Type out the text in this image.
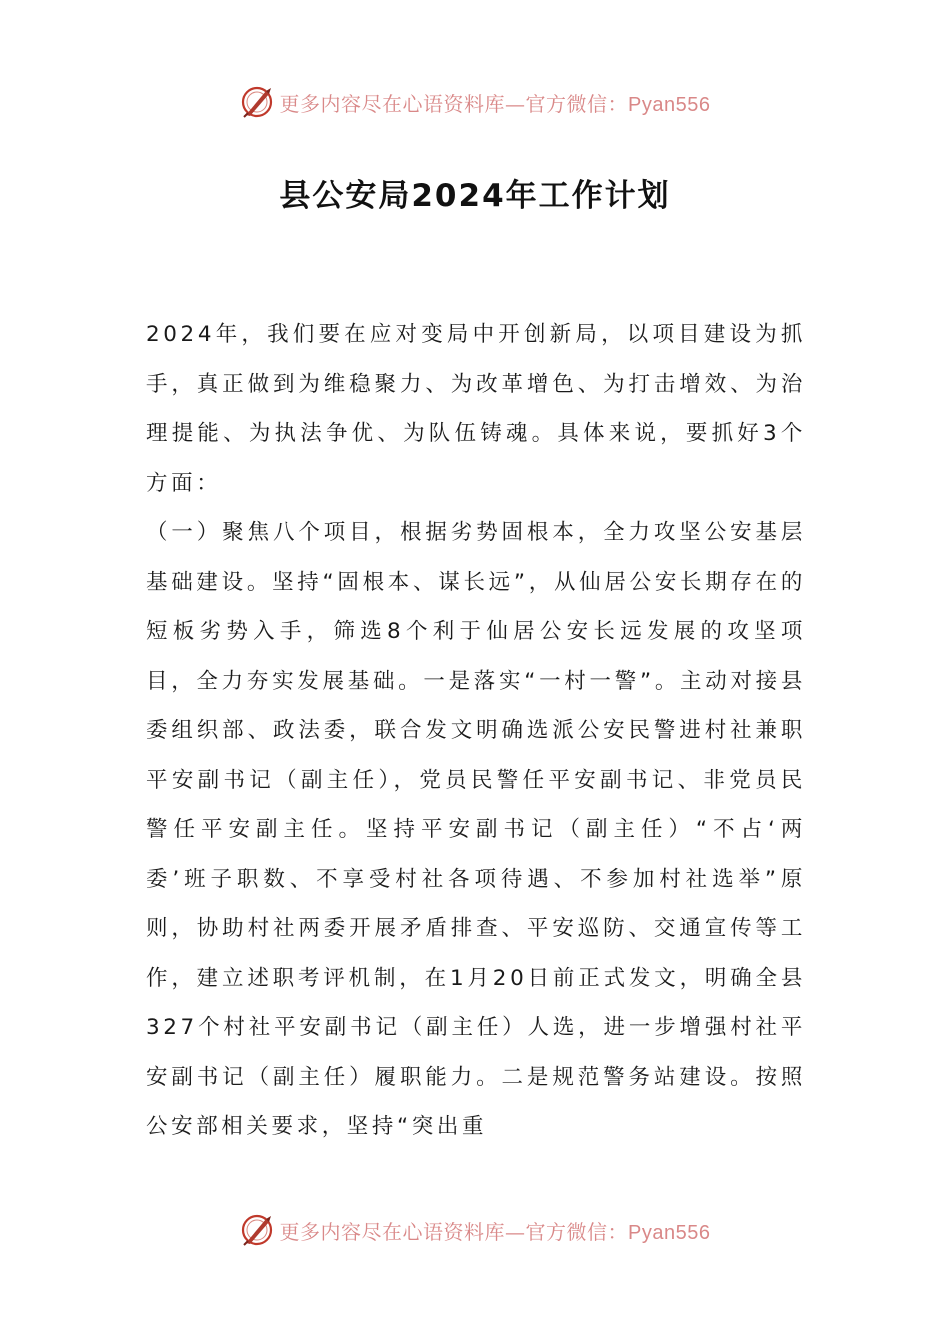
更多内容尽在心语资料库—官方微信：Pyan556
县公安局2024年工作计划

2024年，我们要在应对变局中开创新局，以项目建设为抓手，真正做到为维稳聚力、为改革增色、为打击增效、为治理提能、为执法争优、为队伍铸魂。具体来说，要抓好3个方面：

（一）聚焦八个项目，根据劣势固根本，全力攻坚公安基层基础建设。坚持“固根本、谋长远”，从仙居公安长期存在的短板劣势入手，筛选8个利于仙居公安长远发展的攻坚项目，全力夯实发展基础。一是落实“一村一警”。主动对接县委组织部、政法委，联合发文明确选派公安民警进村社兼职平安副书记（副主任），党员民警任平安副书记、非党员民警任平安副主任。坚持平安副书记（副主任）“不占‘两委’班子职数、不享受村社各项待遇、不参加村社选举”原则，协助村社两委开展矛盾排查、平安巡防、交通宣传等工作，建立述职考评机制，在1月20日前正式发文，明确全县327个村社平安副书记（副主任）人选，进一步增强村社平安副书记（副主任）履职能力。二是规范警务站建设。按照公安部相关要求，坚持“突出重

更多内容尽在心语资料库—官方微信：Pyan556
